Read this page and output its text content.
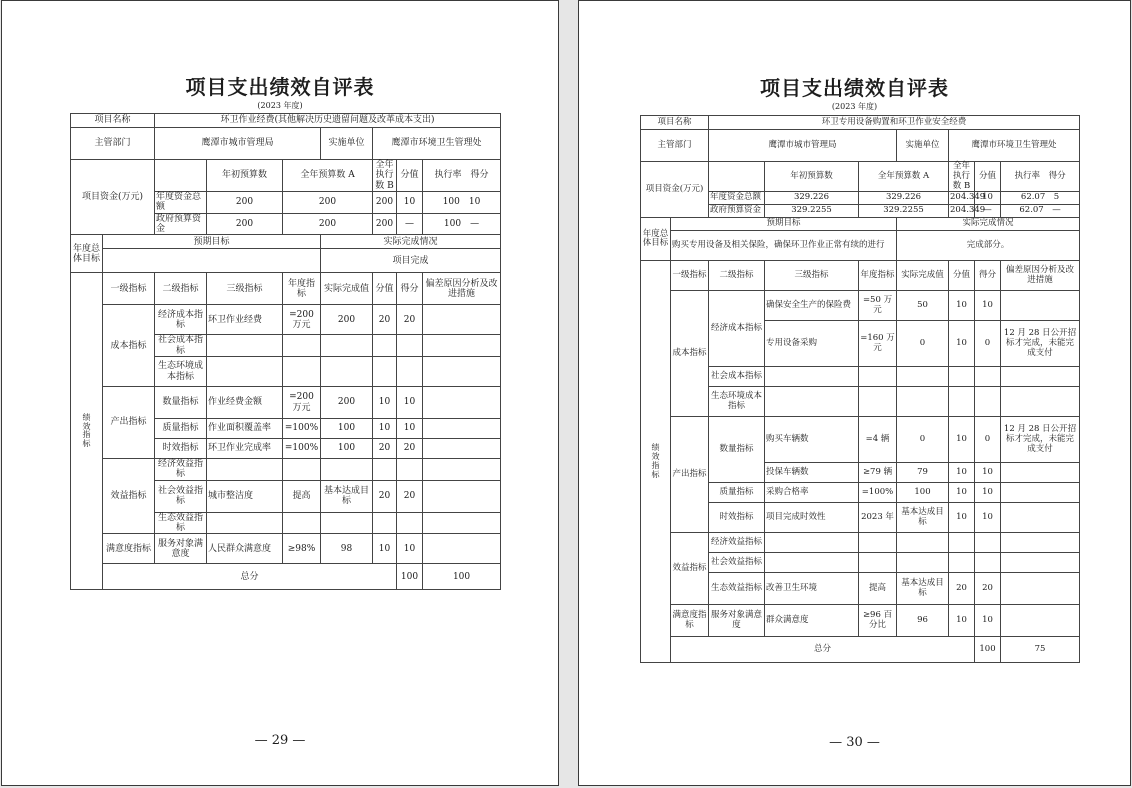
项目支出绩效自评表
(2023 年度)
项目名称		环卫作业经费(其他解决历史遗留问题及改革成本支出)							
主管部门		鹰潭市城市管理局			实施单位	鹰潭市环境卫生管理处			
项目资金(万元)			年初预算数	全年预算数 A		全年执行数 B	分值	执行率　 得分	
		年度资金总额	200	200		200	10	100　 10	
		政府预算资金	200	200		200	—	100　 —	
年度总体目标	预期目标				实际完成情况				
					项目完成				

绩效指标	一级指标	二级指标	三级指标	年度指标	实际完成值	分值	得分	偏差原因分析及改进措施	
	成本指标	经济成本指标	环卫作业经费	=200 万元	200	20	20		
		社会成本指标							
		生态环境成本指标							
	产出指标	数量指标	作业经费金额	=200 万元	200	10	10		
		质量指标	作业面积覆盖率	=100%	100	10	10		
		时效指标	环卫作业完成率	=100%	100	20	20		
	效益指标	经济效益指标							
		社会效益指标	城市整洁度	提高	基本达成目标	20	20		
		生态效益指标							
	满意度指标	服务对象满意度	人民群众满意度	≥98%	98	10	10		
	总分						100	100	
— 29 —
项目支出绩效自评表
(2023 年度)
项目名称		环卫专用设备购置和环卫作业安全经费							
主管部门		鹰潭市城市管理局			实施单位	鹰潭市环境卫生管理处			
项目资金(万元)			年初预算数	全年预算数 A		全年执行数 B	分值	执行率　 得分	
		年度资金总额	329.226	329.226		204.349	10	62.07　 5	
		政府预算资金	329.2255	329.2255		204.349	—	62.07　 —	
年度总体目标	预期目标				实际完成情况				
	购买专用设备及相关保险，确保环卫作业正常有续的进行				完成部分。				

绩效指标	一级指标	二级指标	三级指标	年度指标	实际完成值	分值	得分	偏差原因分析及改进措施	
	成本指标	经济成本指标	确保安全生产的保险费	=50 万元	50	10	10		
			专用设备采购	=160 万元	0	10	0	12 月 28 日公开招标才完成，未能完成支付	
		社会成本指标							
		生态环境成本指标							
	产出指标	数量指标	购买车辆数	=4 辆	0	10	0	12 月 28 日公开招标才完成，未能完成支付	
			投保车辆数	≥79 辆	79	10	10		
		质量指标	采购合格率	=100%	100	10	10		
		时效指标	项目完成时效性	2023 年	基本达成目标	10	10		
	效益指标	经济效益指标							
		社会效益指标							
		生态效益指标	改善卫生环境	提高	基本达成目标	20	20		
	满意度指标	服务对象满意度	群众满意度	≥96 百分比	96	10	10		
	总分						100	75	
— 30 —
